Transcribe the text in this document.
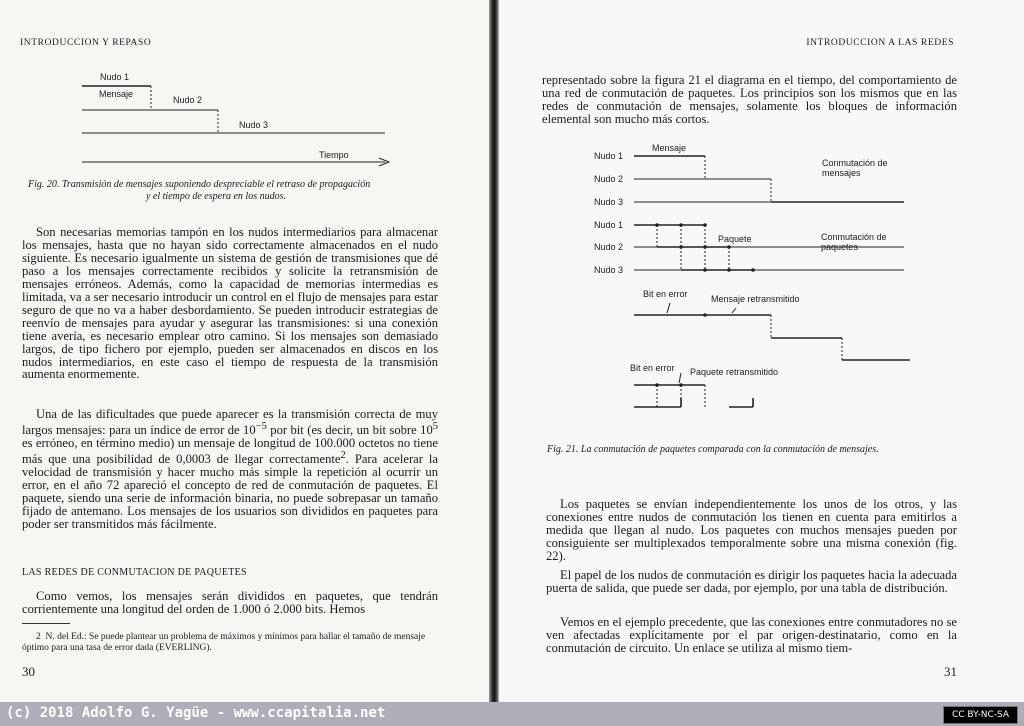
INTRODUCCION Y REPASO
Nudo 1
Mensaje
Nudo 2
Nudo 3
Tiempo

Fig. 20. Transmisión de mensajes suponiendo despreciable el retraso de propagación
y el tiempo de espera en los nudos.

Son necesarias memorias tampón en los nudos intermediarios para almacenar los mensajes, hasta que no hayan sido correctamente almacenados en el nudo siguiente. Es necesario igualmente un sistema de gestión de transmisiones que dé paso a los mensajes correctamente recibidos y solicite la retransmisión de mensajes erróneos. Además, como la capacidad de memorias intermedias es limitada, va a ser necesario introducir un control en el flujo de mensajes para estar seguro de que no va a haber desbordamiento. Se pueden introducir estrategias de reenvío de mensajes para ayudar y asegurar las transmisiones: si una conexión tiene avería, es necesario emplear otro camino. Si los mensajes son demasiado largos, de tipo fichero por ejemplo, pueden ser almacenados en discos en los nudos intermediarios, en este caso el tiempo de respuesta de la transmisión aumenta enormemente.

Una de las dificultades que puede aparecer es la transmisión correcta de muy largos mensajes: para un índice de error de $10^{-5}$ por bit (es decir, un bit sobre $10^5$ es erróneo, en término medio) un mensaje de longitud de 100.000 octetos no tiene más que una posibilidad de 0,0003 de llegar correctamente$^2$. Para acelerar la velocidad de transmisión y hacer mucho más simple la repetición al ocurrir un error, en el año 72 apareció el concepto de red de conmutación de paquetes. El paquete, siendo una serie de información binaria, no puede sobrepasar un tamaño fijado de antemano. Los mensajes de los usuarios son divididos en paquetes para poder ser transmitidos más fácilmente.

LAS REDES DE CONMUTACION DE PAQUETES

Como vemos, los mensajes serán divididos en paquetes, que tendrán corrientemente una longitud del orden de 1.000 ó 2.000 bits. Hemos

2 N. del Ed.: Se puede plantear un problema de máximos y mínimos para hallar el tamaño de mensaje óptimo para una tasa de error dada (EVERLING).

30
INTRODUCCION A LAS REDES

representado sobre la figura 21 el diagrama en el tiempo, del comportamiento de una red de conmutación de paquetes. Los principios son los mismos que en las redes de conmutación de mensajes, solamente los bloques de información elemental son mucho más cortos.

Mensaje
Nudo 1
Nudo 2
Nudo 3
Conmutación de
mensajes
Nudo 1
Nudo 2
Nudo 3
Paquete	Conmutación de
paquetes
Bit en error	Mensaje retransmitido
Bit en error Paquete retransmitido

Fig. 21. La conmutación de paquetes comparada con la conmutación de mensajes.

Los paquetes se envían independientemente los unos de los otros, y las conexiones entre nudos de conmutación los tienen en cuenta para emitirlos a medida que llegan al nudo. Los paquetes con muchos mensajes pueden por consiguiente ser multiplexados temporalmente sobre una misma conexión (fig. 22).

El papel de los nudos de conmutación es dirigir los paquetes hacia la adecuada puerta de salida, que puede ser dada, por ejemplo, por una tabla de distribución.

Vemos en el ejemplo precedente, que las conexiones entre conmutadores no se ven afectadas explícitamente por el par origen-destinatario, como en la conmutación de circuito. Un enlace se utiliza al mismo tiem-

31
(c) 2018 Adolfo G. Yagüe - www.ccapitalia.net	CC BY-NC-SA
